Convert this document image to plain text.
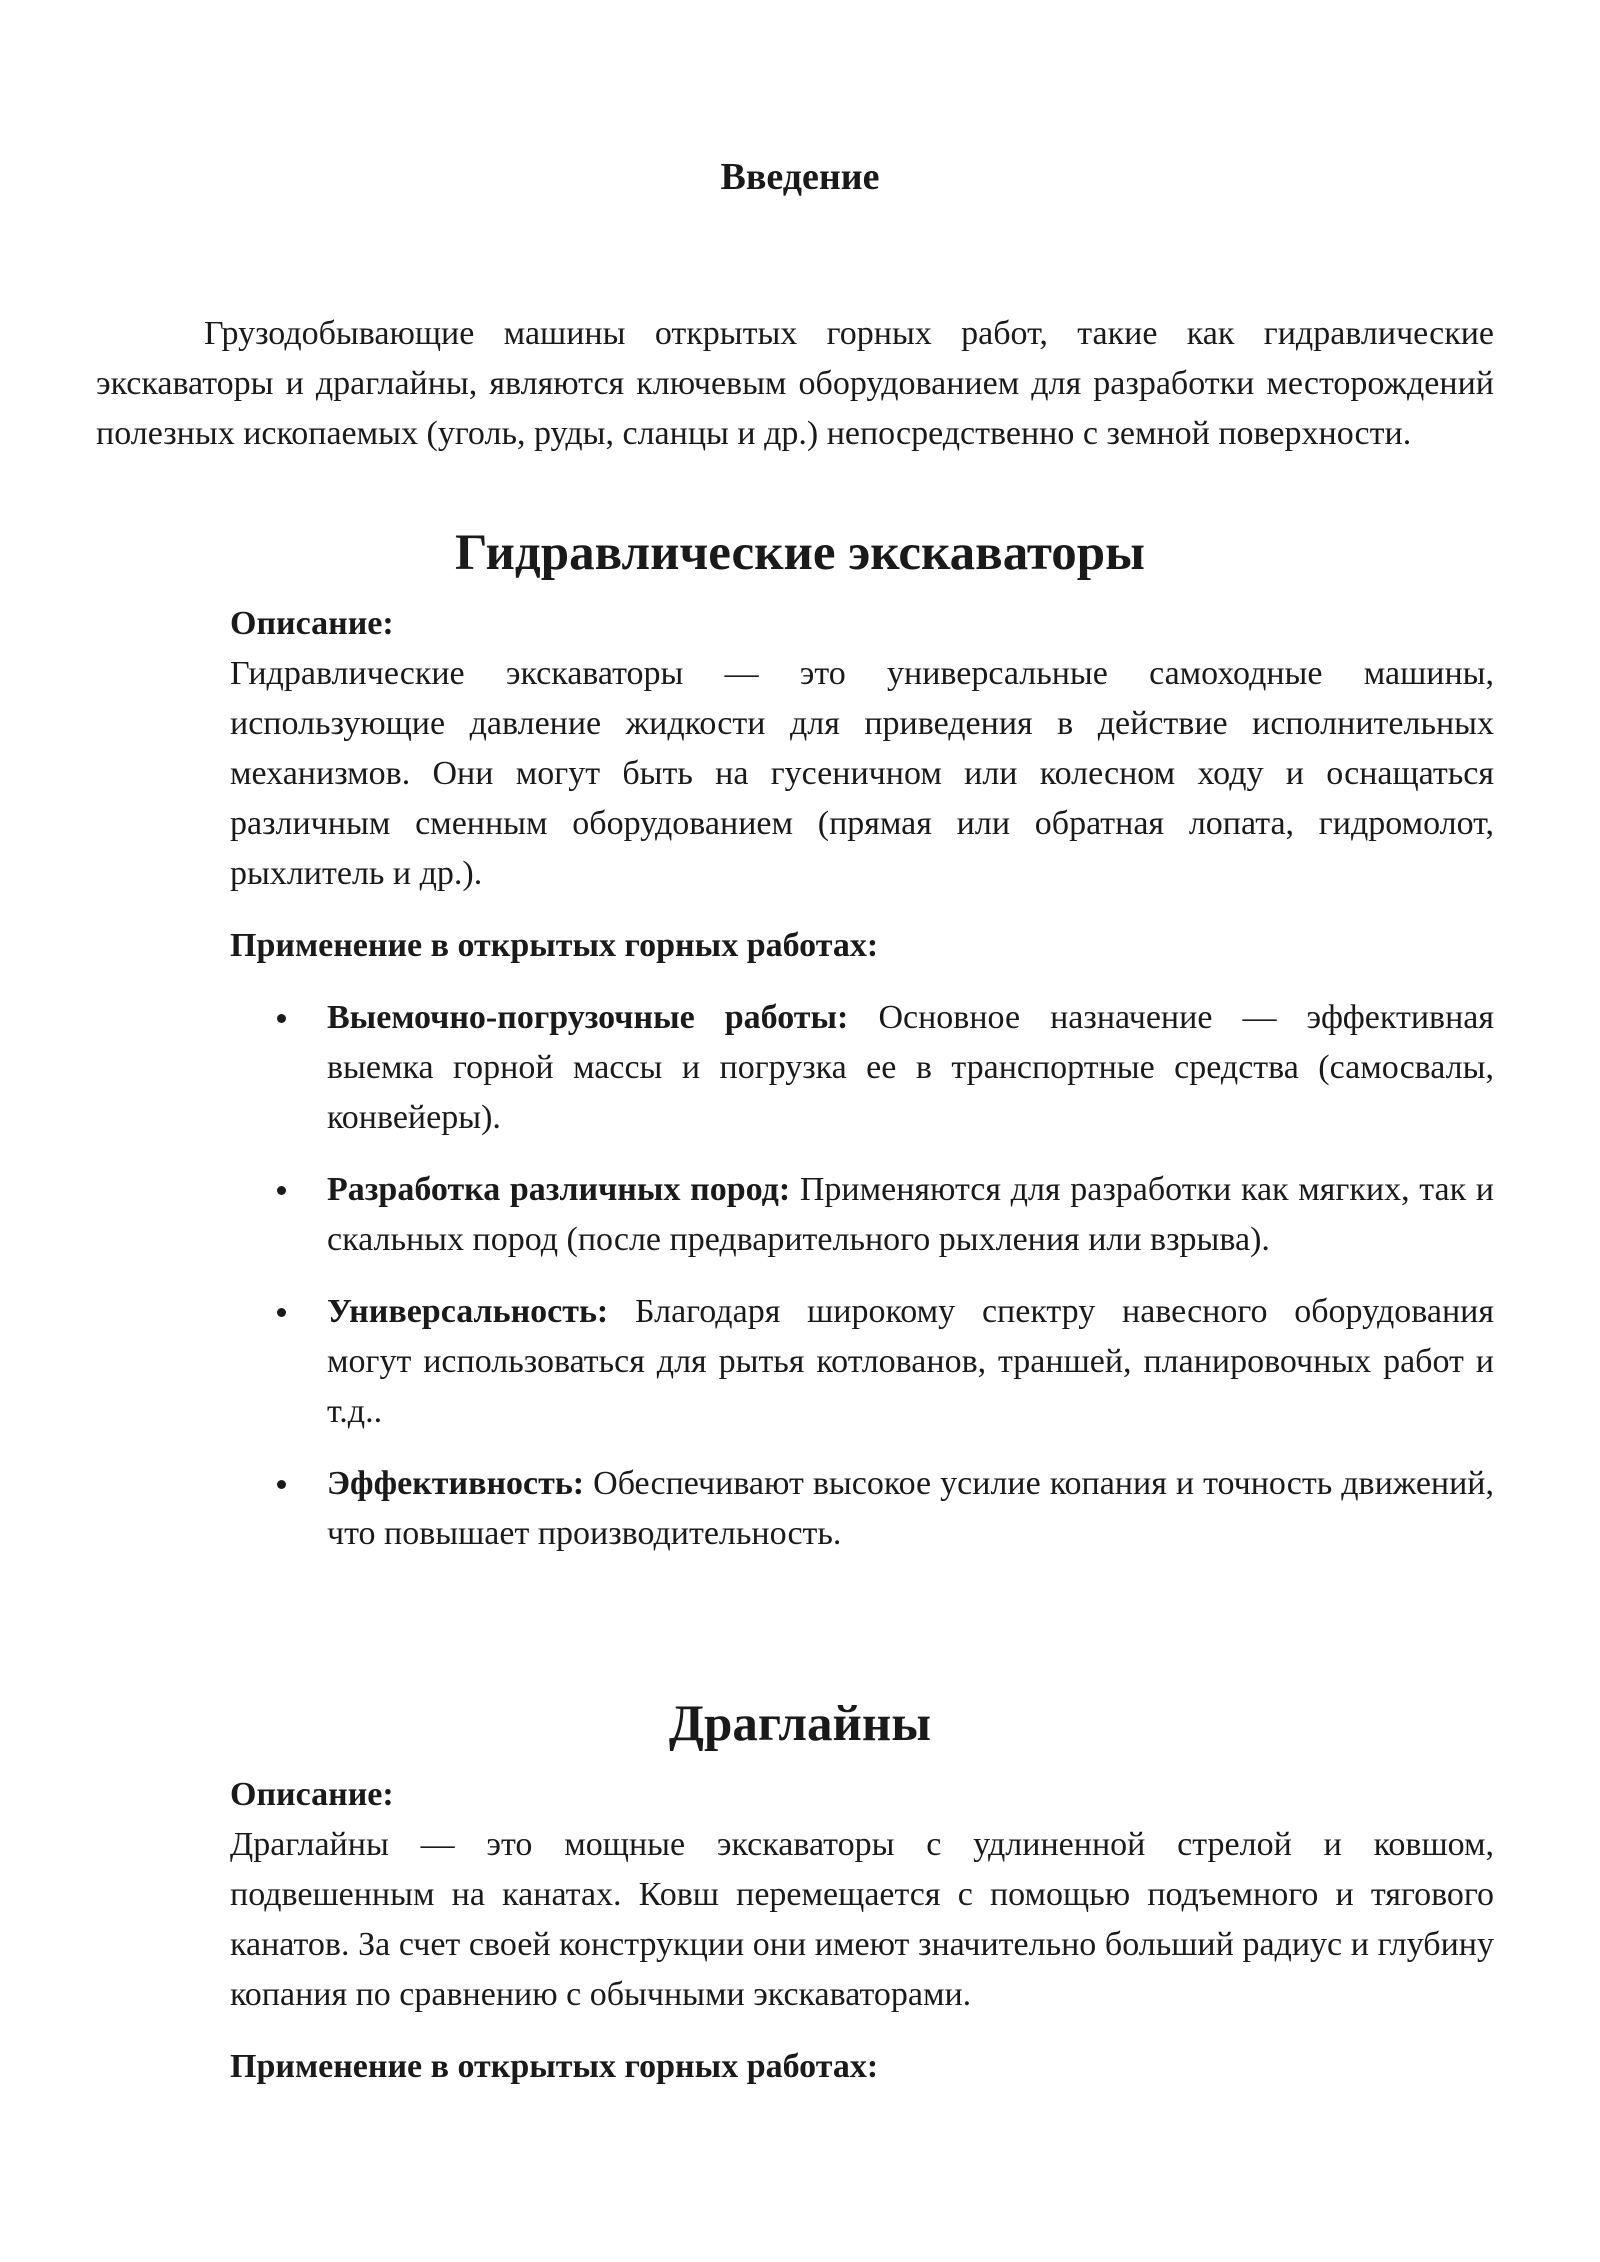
Введение

Грузодобывающие машины открытых горных работ, такие как гидравлические экскаваторы и драглайны, являются ключевым оборудованием для разработки месторождений полезных ископаемых (уголь, руды, сланцы и др.) непосредственно с земной поверхности.

Гидравлические экскаваторы

Описание:

Гидравлические экскаваторы — это универсальные самоходные машины, использующие давление жидкости для приведения в действие исполнительных механизмов. Они могут быть на гусеничном или колесном ходу и оснащаться различным сменным оборудованием (прямая или обратная лопата, гидромолот, рыхлитель и др.).

Применение в открытых горных работах:

Выемочно-погрузочные работы: Основное назначение — эффективная выемка горной массы и погрузка ее в транспортные средства (самосвалы, конвейеры).
Разработка различных пород: Применяются для разработки как мягких, так и скальных пород (после предварительного рыхления или взрыва).
Универсальность: Благодаря широкому спектру навесного оборудования могут использоваться для рытья котлованов, траншей, планировочных работ и т.д..
Эффективность: Обеспечивают высокое усилие копания и точность движений, что повышает производительность.
Драглайны

Описание:

Драглайны — это мощные экскаваторы с удлиненной стрелой и ковшом, подвешенным на канатах. Ковш перемещается с помощью подъемного и тягового канатов. За счет своей конструкции они имеют значительно больший радиус и глубину копания по сравнению с обычными экскаваторами.

Применение в открытых горных работах:
